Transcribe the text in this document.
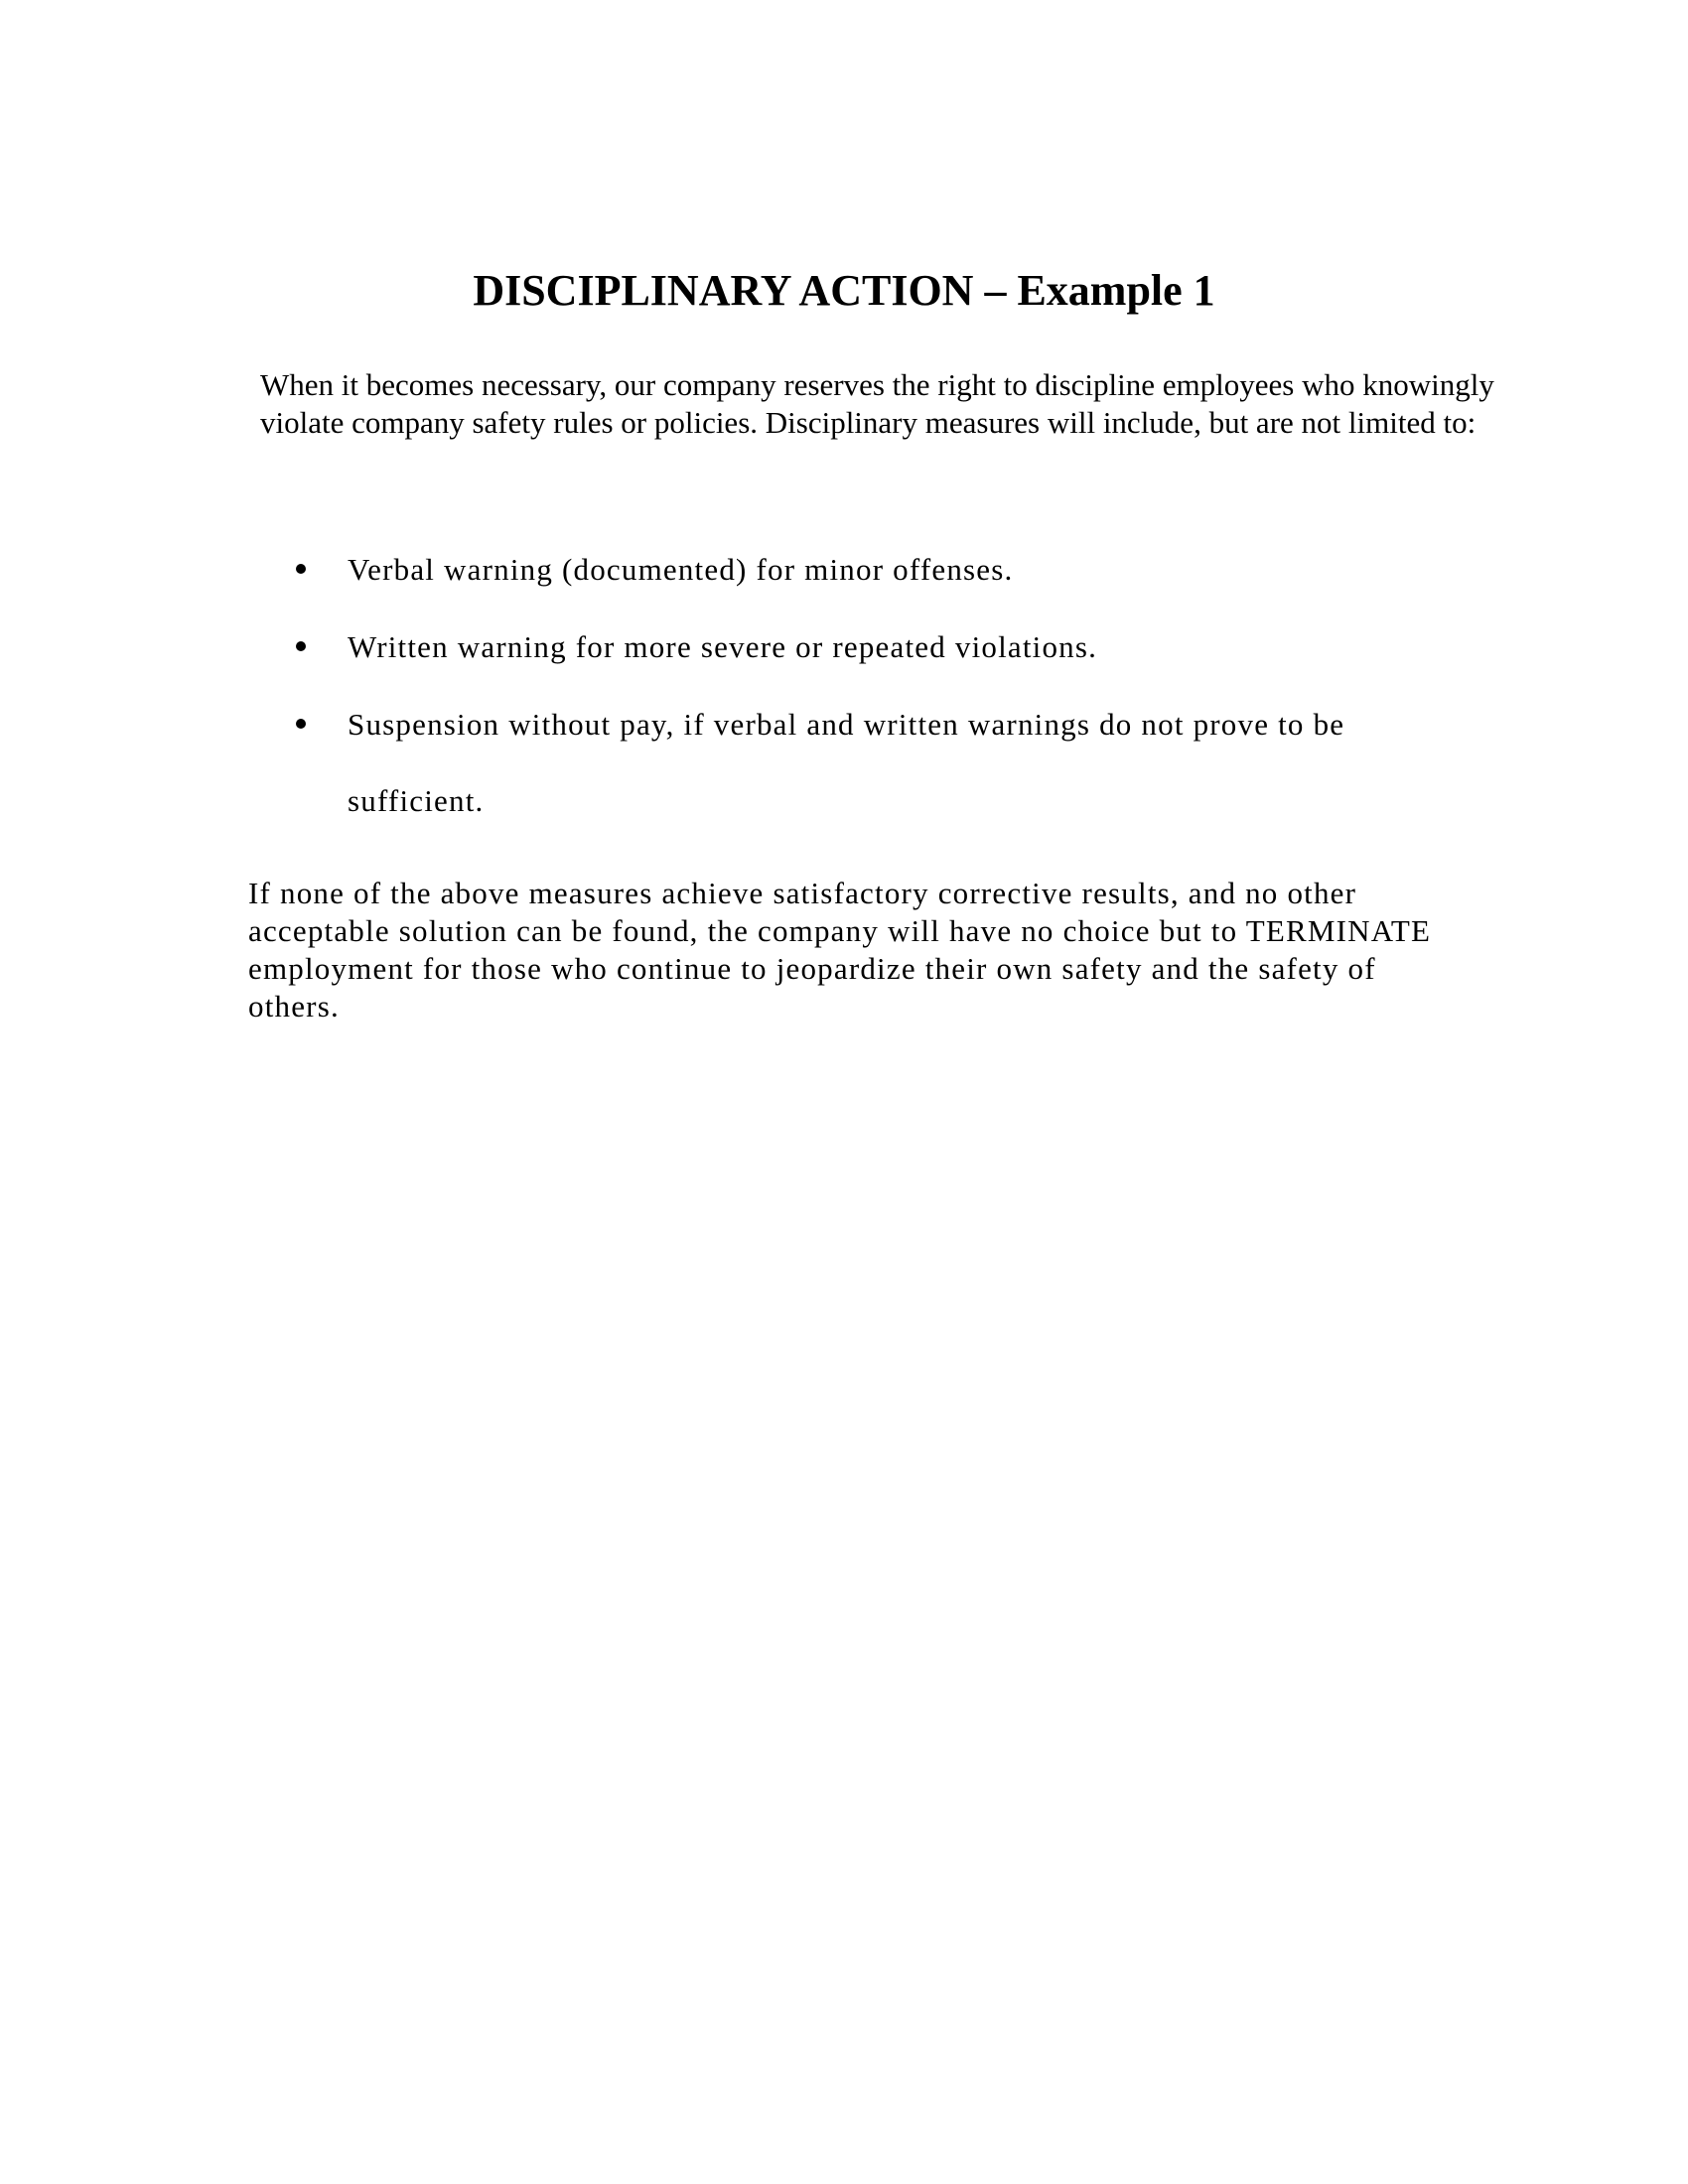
DISCIPLINARY ACTION – Example 1

When it becomes necessary, our company reserves the right to discipline employees who knowingly violate company safety rules or policies. Disciplinary measures will include, but are not limited to:

Verbal warning (documented) for minor offenses.
Written warning for more severe or repeated violations.
Suspension without pay, if verbal and written warnings do not prove to be sufficient.

If none of the above measures achieve satisfactory corrective results, and no other acceptable solution can be found, the company will have no choice but to TERMINATE employment for those who continue to jeopardize their own safety and the safety of others.
